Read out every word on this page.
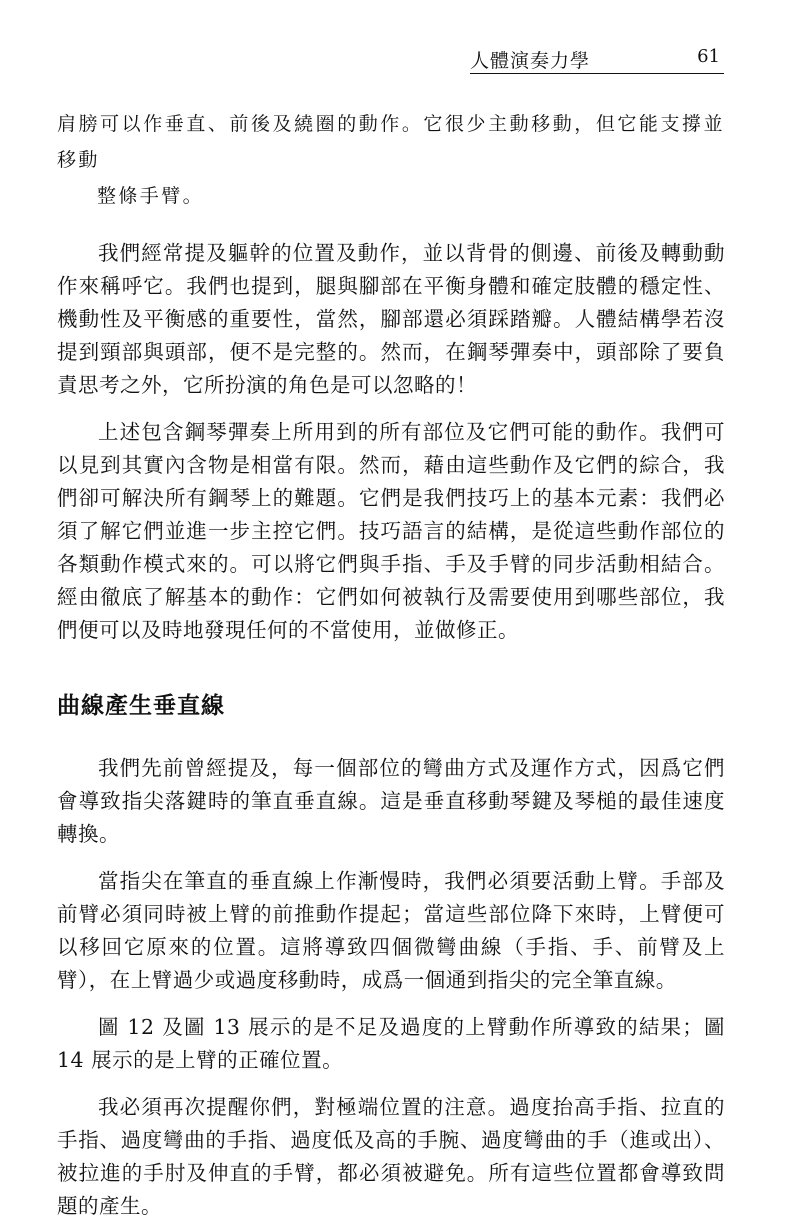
人體演奏力學	61

肩膀可以作垂直、前後及繞圈的動作。它很少主動移動，但它能支撐並移動
整條手臂。

我們經常提及軀幹的位置及動作，並以背骨的側邊、前後及轉動動作來稱呼它。我們也提到，腿與腳部在平衡身體和確定肢體的穩定性、機動性及平衡感的重要性，當然，腳部還必須踩踏瓣。人體結構學若沒提到頸部與頭部，便不是完整的。然而，在鋼琴彈奏中，頭部除了要負責思考之外，它所扮演的角色是可以忽略的！

上述包含鋼琴彈奏上所用到的所有部位及它們可能的動作。我們可以見到其實內含物是相當有限。然而，藉由這些動作及它們的綜合，我們卻可解決所有鋼琴上的難題。它們是我們技巧上的基本元素：我們必須了解它們並進一步主控它們。技巧語言的結構，是從這些動作部位的各類動作模式來的。可以將它們與手指、手及手臂的同步活動相結合。經由徹底了解基本的動作：它們如何被執行及需要使用到哪些部位，我們便可以及時地發現任何的不當使用，並做修正。

曲線產生垂直線

我們先前曾經提及，每一個部位的彎曲方式及運作方式，因爲它們會導致指尖落鍵時的筆直垂直線。這是垂直移動琴鍵及琴槌的最佳速度轉換。

當指尖在筆直的垂直線上作漸慢時，我們必須要活動上臂。手部及前臂必須同時被上臂的前推動作提起；當這些部位降下來時，上臂便可以移回它原來的位置。這將導致四個微彎曲線（手指、手、前臂及上臂），在上臂過少或過度移動時，成爲一個通到指尖的完全筆直線。

圖 12 及圖 13 展示的是不足及過度的上臂動作所導致的結果；圖 14 展示的是上臂的正確位置。

我必須再次提醒你們，對極端位置的注意。過度抬高手指、拉直的手指、過度彎曲的手指、過度低及高的手腕、過度彎曲的手（進或出）、被拉進的手肘及伸直的手臂，都必須被避免。所有這些位置都會導致問題的產生。
